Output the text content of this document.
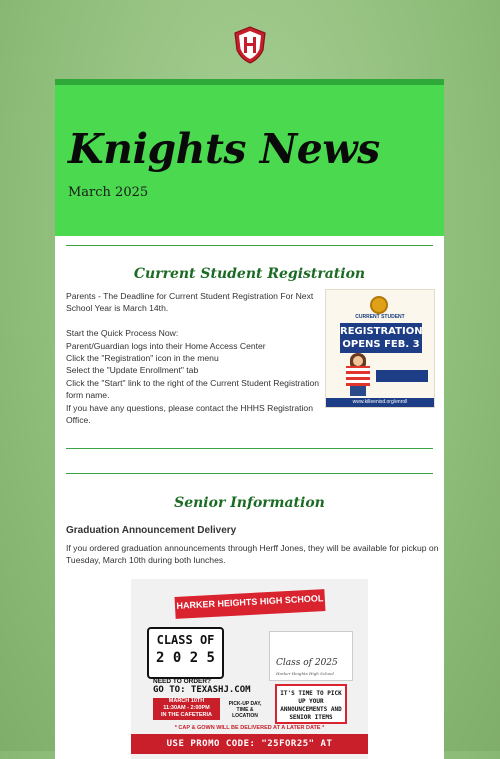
Knights News
March 2025
Current Student Registration
Parents - The Deadline for Current Student Registration For Next
School Year is March 14th.

Start the Quick Process Now:
Parent/Guardian logs into their Home Access Center
Click the "Registration" icon in the menu
Select the "Update Enrollment" tab
Click the "Start" link to the right of the Current Student Registration
form name.
If you have any questions, please contact the HHHS Registration
Office.
CURRENT STUDENT
REGISTRATION
OPENS FEB. 3
www.killeenisd.org/enroll
Senior Information
Graduation Announcement Delivery
If you ordered graduation announcements through Herff Jones, they will be available for pickup on
Tuesday, March 10th during both lunches.
HARKER HEIGHTS HIGH SCHOOL
CLASS OF
2 0 2 5
NEED TO ORDER?
GO TO: TEXASHJ.COM
MARCH 10TH
11:30AM - 2:00PM
IN THE CAFETERIA
PICK-UP DAY, TIME & LOCATION
Class of 2025
Harker Heights High School
IT'S TIME TO PICK UP YOUR ANNOUNCEMENTS AND SENIOR ITEMS
* CAP & GOWN WILL BE DELIVERED AT A LATER DATE *
USE PROMO CODE: "25FOR25" AT
